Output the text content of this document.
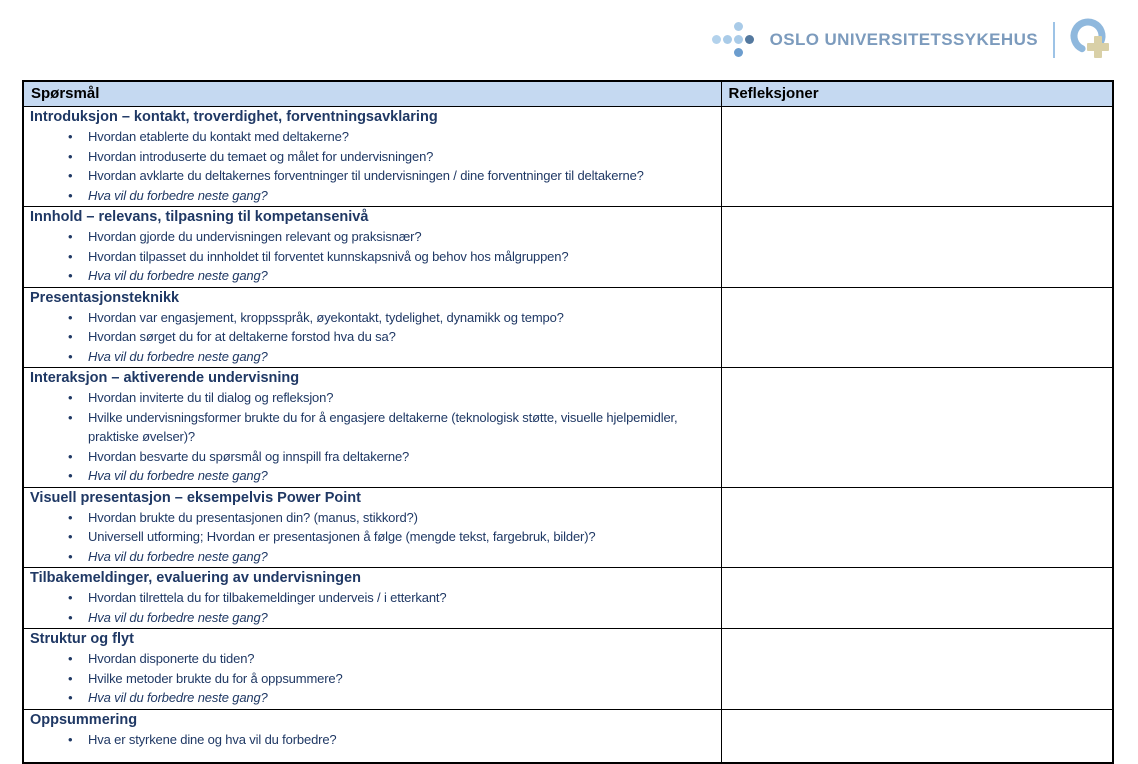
OSLO UNIVERSITETSSYKEHUS
Spørsmål	Refleksjoner

Introduksjon – kontakt, troverdighet, forventningsavklaring
• Hvordan etablerte du kontakt med deltakerne?
• Hvordan introduserte du temaet og målet for undervisningen?
• Hvordan avklarte du deltakernes forventninger til undervisningen / dine forventninger til deltakerne?
• Hva vil du forbedre neste gang?

Innhold – relevans, tilpasning til kompetansenivå
• Hvordan gjorde du undervisningen relevant og praksisnær?
• Hvordan tilpasset du innholdet til forventet kunnskapsnivå og behov hos målgruppen?
• Hva vil du forbedre neste gang?

Presentasjonsteknikk
• Hvordan var engasjement, kroppsspråk, øyekontakt, tydelighet, dynamikk og tempo?
• Hvordan sørget du for at deltakerne forstod hva du sa?
• Hva vil du forbedre neste gang?

Interaksjon – aktiverende undervisning
• Hvordan inviterte du til dialog og refleksjon?
• Hvilke undervisningsformer brukte du for å engasjere deltakerne (teknologisk støtte, visuelle hjelpemidler, praktiske øvelser)?
• Hvordan besvarte du spørsmål og innspill fra deltakerne?
• Hva vil du forbedre neste gang?

Visuell presentasjon – eksempelvis Power Point
• Hvordan brukte du presentasjonen din? (manus, stikkord?)
• Universell utforming; Hvordan er presentasjonen å følge (mengde tekst, fargebruk, bilder)?
• Hva vil du forbedre neste gang?

Tilbakemeldinger, evaluering av undervisningen
• Hvordan tilrettela du for tilbakemeldinger underveis / i etterkant?
• Hva vil du forbedre neste gang?

Struktur og flyt
• Hvordan disponerte du tiden?
• Hvilke metoder brukte du for å oppsummere?
• Hva vil du forbedre neste gang?

Oppsummering
• Hva er styrkene dine og hva vil du forbedre?
